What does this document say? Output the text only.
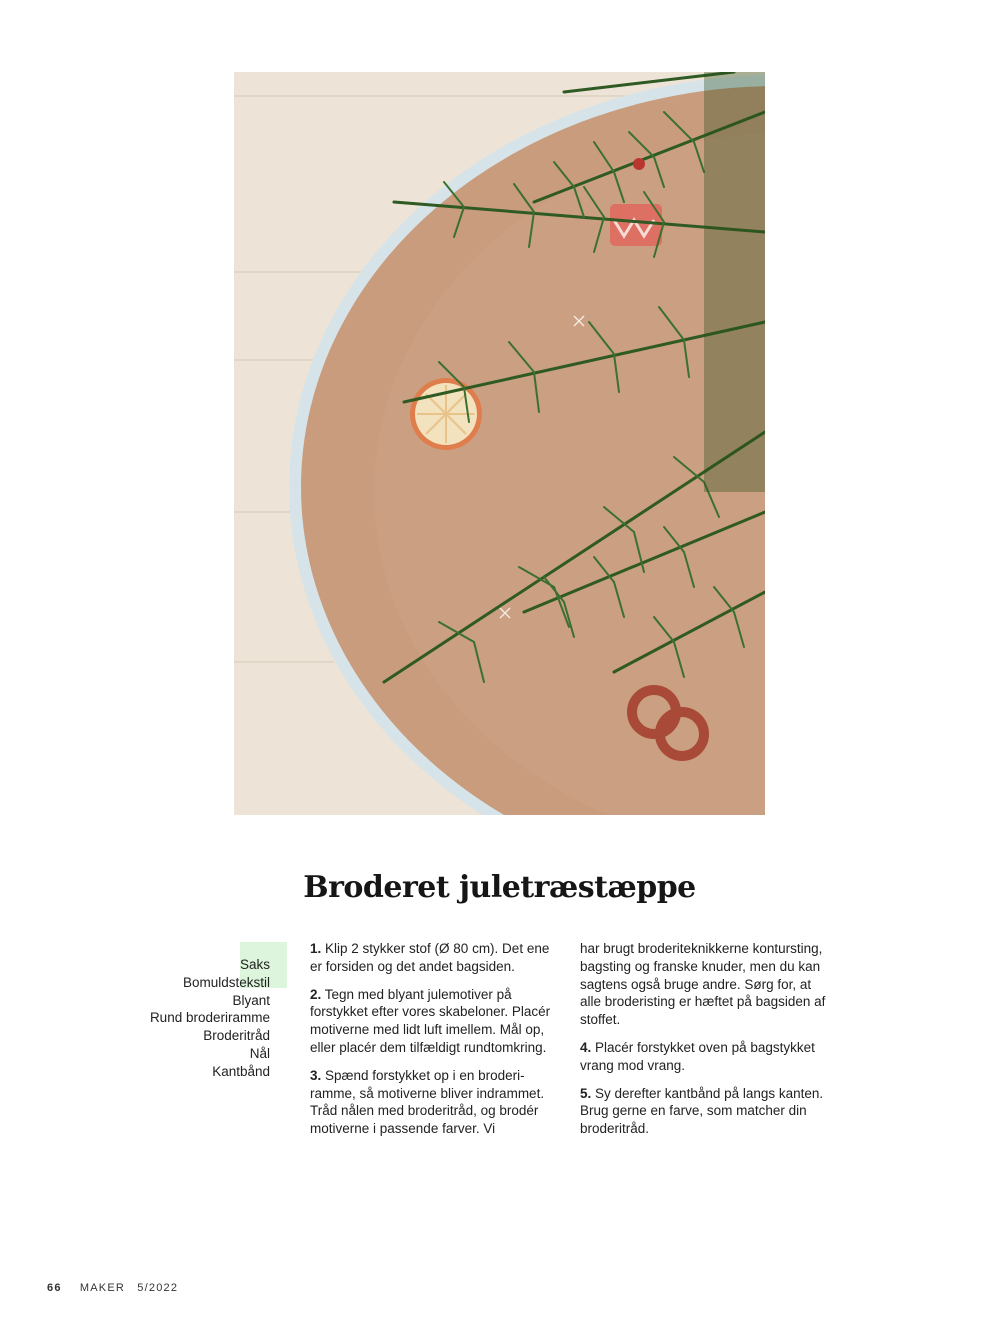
Broderet juletræstæppe
Saks
Bomuldstekstil
Blyant
Rund broderiramme
Broderitråd
Nål
Kantbånd

1. Klip 2 stykker stof (Ø 80 cm). Det ene er forsiden og det andet bagsiden.

2. Tegn med blyant julemotiver på forstykket efter vores skabeloner. Placér motiverne med lidt luft imellem. Mål op, eller placér dem tilfældigt rundtomkring.

3. Spænd forstykket op i en broderiramme, så motiverne bliver indrammet. Tråd nålen med broderitråd, og brodér motiverne i passende farver. Vi

har brugt broderiteknikkerne kontursting, bagsting og franske knuder, men du kan sagtens også bruge andre. Sørg for, at alle broderisting er hæftet på bagsiden af stoffet.

4. Placér forstykket oven på bagstykket vrang mod vrang.

5. Sy derefter kantbånd på langs kanten. Brug gerne en farve, som matcher din broderitråd.

66 MAKER 5/2022
